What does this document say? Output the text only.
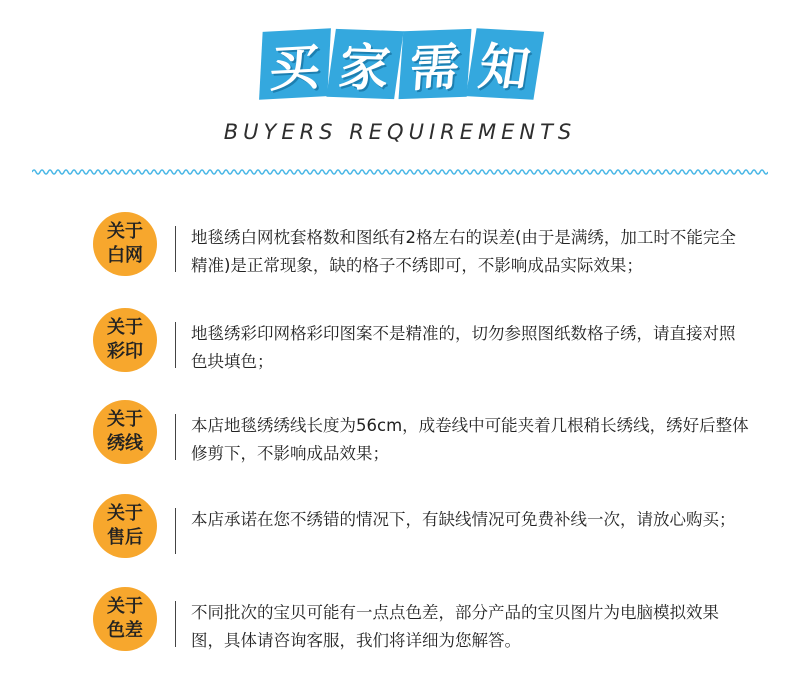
买 家 需 知
BUYERS REQUIREMENTS
关于
白网
地毯绣白网枕套格数和图纸有2格左右的误差(由于是满绣，加工时不能完全精准)是正常现象，缺的格子不绣即可，不影响成品实际效果；
关于
彩印
地毯绣彩印网格彩印图案不是精准的，切勿参照图纸数格子绣，请直接对照色块填色；
关于
绣线
本店地毯绣绣线长度为56cm，成卷线中可能夹着几根稍长绣线，绣好后整体修剪下，不影响成品效果；
关于
售后
本店承诺在您不绣错的情况下，有缺线情况可免费补线一次，请放心购买；
关于
色差
不同批次的宝贝可能有一点点色差，部分产品的宝贝图片为电脑模拟效果图，具体请咨询客服，我们将详细为您解答。
